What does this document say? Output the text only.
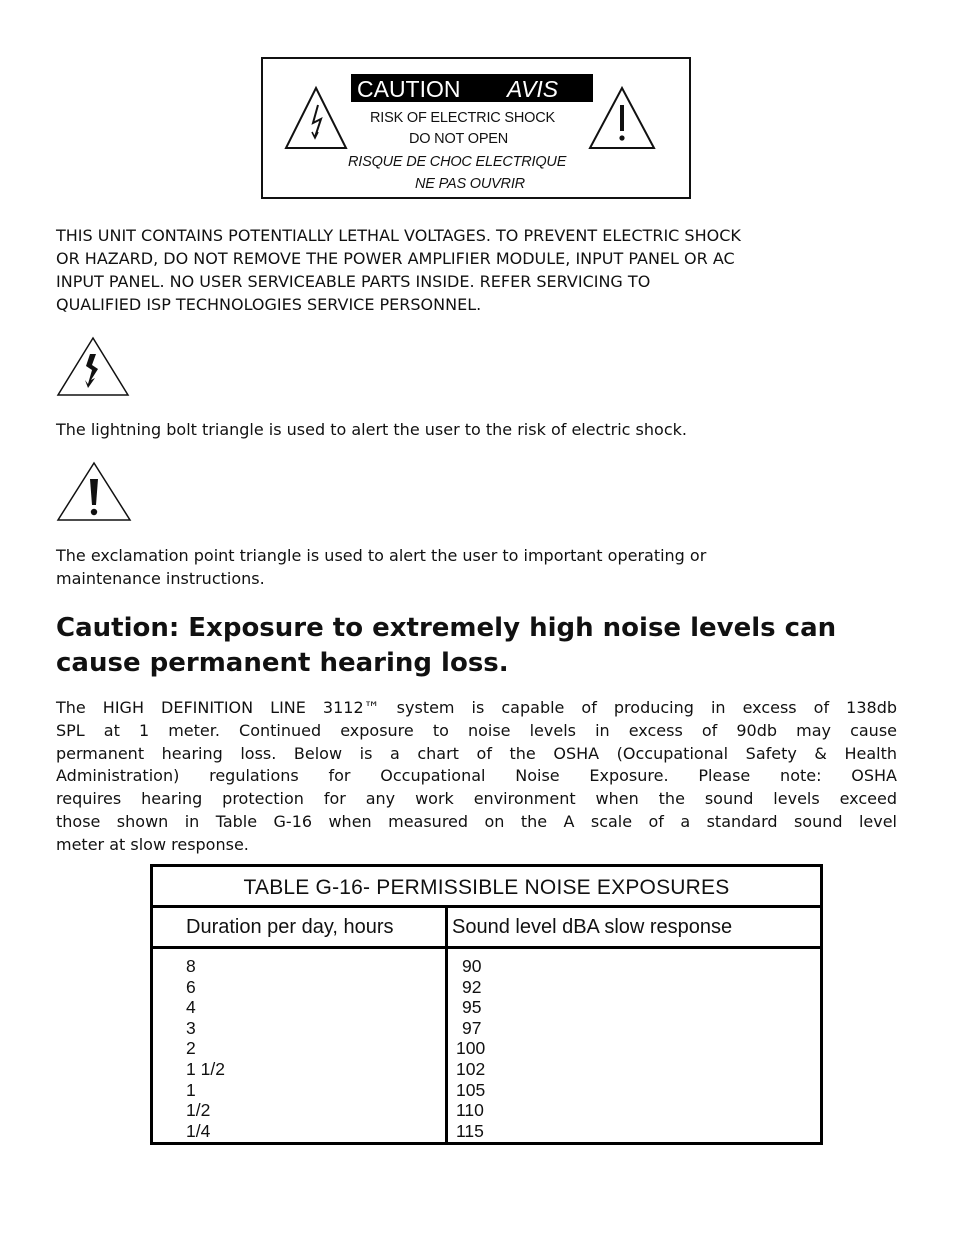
CAUTION AVIS
RISK OF ELECTRIC SHOCK
DO NOT OPEN
RISQUE DE CHOC ELECTRIQUE
NE PAS OUVRIR

THIS UNIT CONTAINS POTENTIALLY LETHAL VOLTAGES. TO PREVENT ELECTRIC SHOCK
OR HAZARD, DO NOT REMOVE THE POWER AMPLIFIER MODULE, INPUT PANEL OR AC
INPUT PANEL. NO USER SERVICEABLE PARTS INSIDE. REFER SERVICING TO
QUALIFIED ISP TECHNOLOGIES SERVICE PERSONNEL.

The lightning bolt triangle is used to alert the user to the risk of electric shock.

The exclamation point triangle is used to alert the user to important operating or
maintenance instructions.

Caution: Exposure to extremely high noise levels can
cause permanent hearing loss.

The HIGH DEFINITION LINE 3112™ system is capable of producing in excess of 138db
SPL at 1 meter. Continued exposure to noise levels in excess of 90db may cause
permanent hearing loss. Below is a chart of the OSHA (Occupational Safety & Health
Administration) regulations for Occupational Noise Exposure. Please note: OSHA
requires hearing protection for any work environment when the sound levels exceed
those shown in Table G-16 when measured on the A scale of a standard sound level
meter at slow response.

TABLE G-16- PERMISSIBLE NOISE EXPOSURES
Duration per day, hours	Sound level dBA slow response
8	90
6	92
4	95
3	97
2	100
1 1/2	102
1	105
1/2	110
1/4	115
